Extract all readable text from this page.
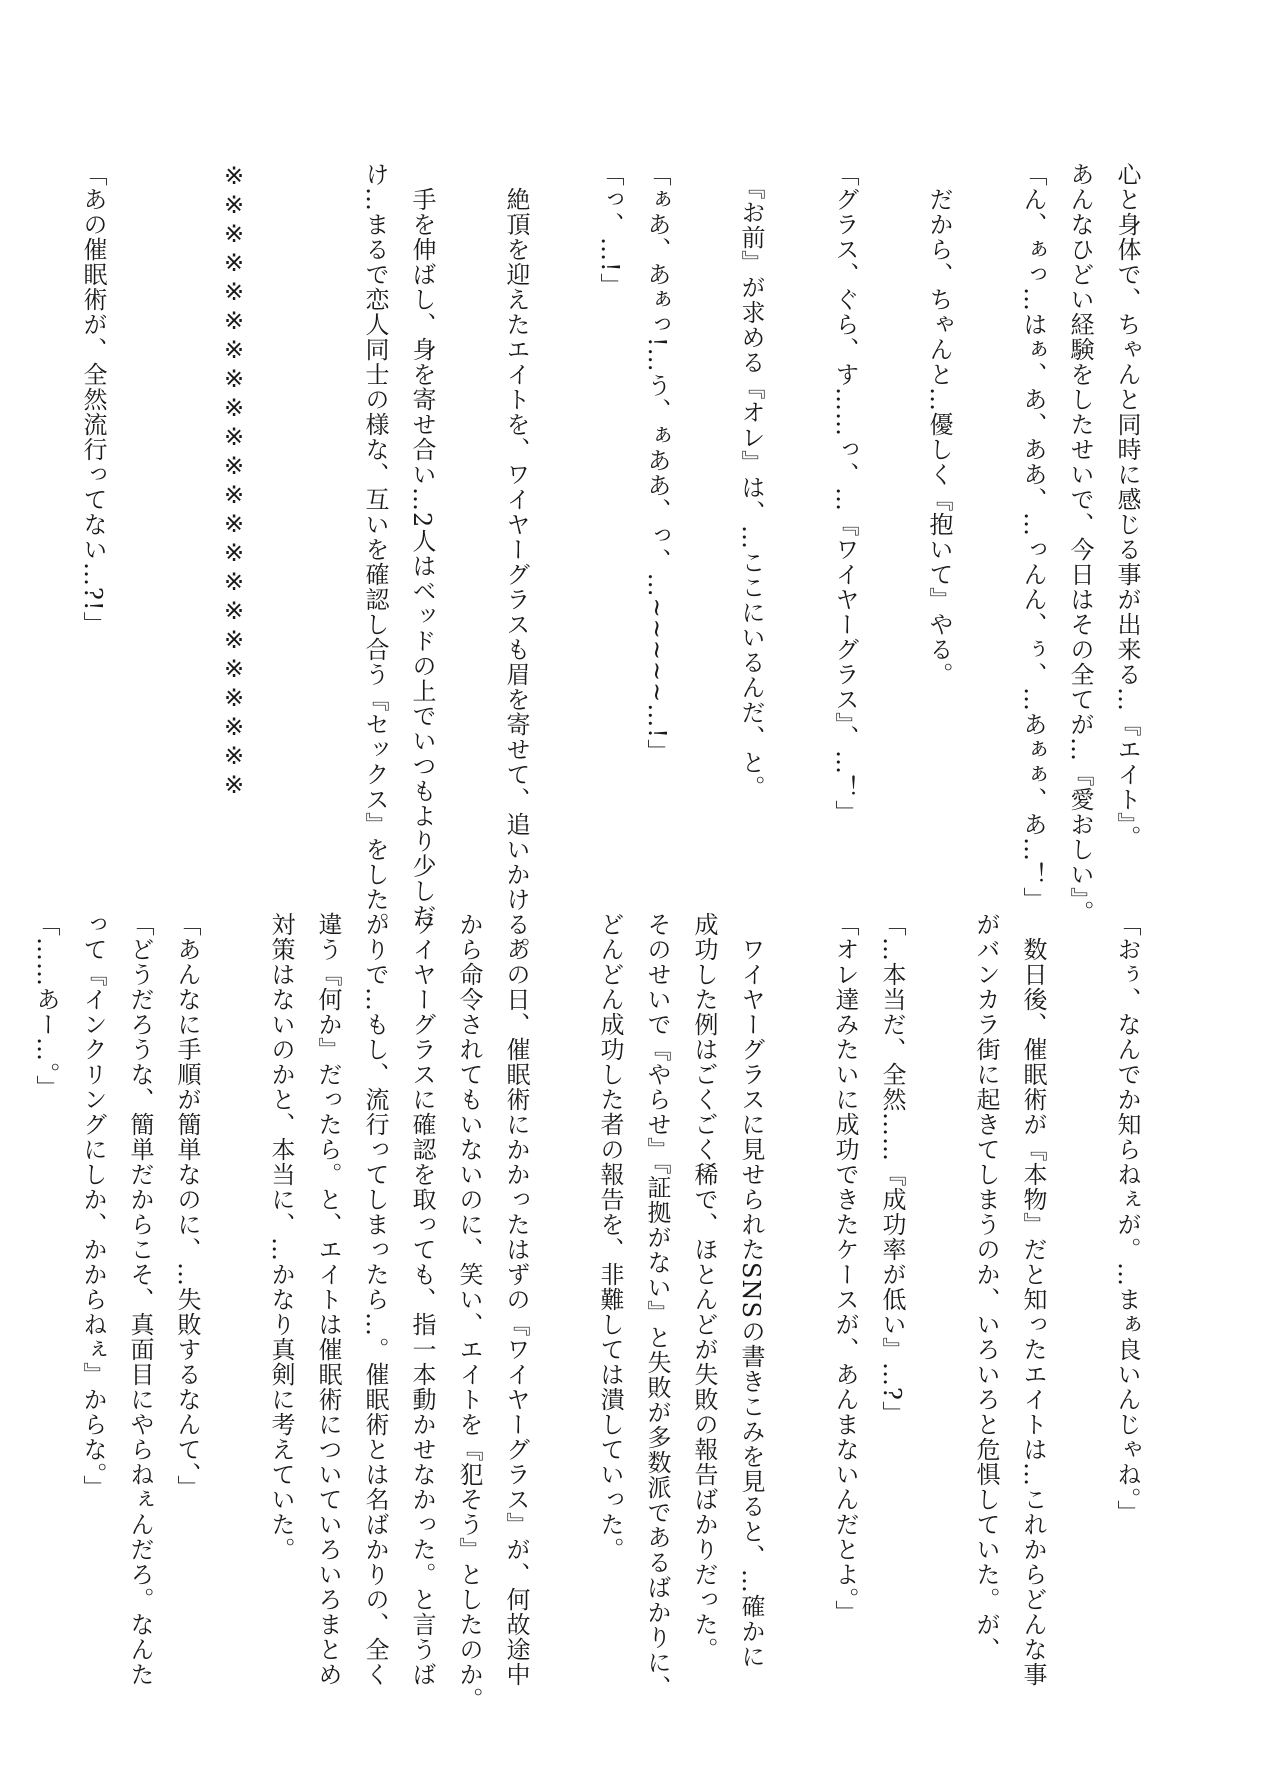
心と身体で、ちゃんと同時に感じる事が出来る…『エイト』。
あんなひどい経験をしたせいで、今日はその全てが…『愛おしい』。
「ん、ぁっ…はぁ、あ、ああ、…っんん、ぅ、…あぁぁ、あ…！」

　だから、ちゃんと…優しく『抱いて』やる。

「グラス、ぐら、す……っ、…『ワイヤーグラス』、…！」

　『お前』が求める『オレ』は、…ここにいるんだ、と。

「ぁあ、あぁっ!…う、ぁああ、っ、…~~~~~…!」
「っ、…!」

　絶頂を迎えたエイトを、ワイヤーグラスも眉を寄せて、追いかける。

　手を伸ばし、身を寄せ合い…2人はベッドの上でいつもより少しだ
け…まるで恋人同士の様な、互いを確認し合う『セックス』をした。

※※※※※※※※※※※※※※※※※※※※※※

「あの催眠術が、全然流行ってない…?!」
「おぅ、なんでか知らねぇが。…まぁ良いんじゃね。」

　数日後、催眠術が『本物』だと知ったエイトは…これからどんな事
がバンカラ街に起きてしまうのか、いろいろと危惧していた。が、

「…本当だ、全然……『成功率が低い』…?」
「オレ達みたいに成功できたケースが、あんまないんだとよ。」

　ワイヤーグラスに見せられたSNSの書きこみを見ると、…確かに
成功した例はごくごく稀で、ほとんどが失敗の報告ばかりだった。
そのせいで『やらせ』『証拠がない』と失敗が多数派であるばかりに、
どんどん成功した者の報告を、非難しては潰していった。

　あの日、催眠術にかかったはずの『ワイヤーグラス』が、何故途中
から命令されてもいないのに、笑い、エイトを『犯そう』としたのか。
ワイヤーグラスに確認を取っても、指一本動かせなかった。と言うば
かりで…もし、流行ってしまったら…。催眠術とは名ばかりの、全く
違う『何か』だったら。と、エイトは催眠術についていろいろまとめ
対策はないのかと、本当に、…かなり真剣に考えていた。

「あんなに手順が簡単なのに、…失敗するなんて、」
「どうだろうな、簡単だからこそ、真面目にやらねぇんだろ。なんた
って『インクリングにしか、かからねぇ』からな。」
「……あー…。」
